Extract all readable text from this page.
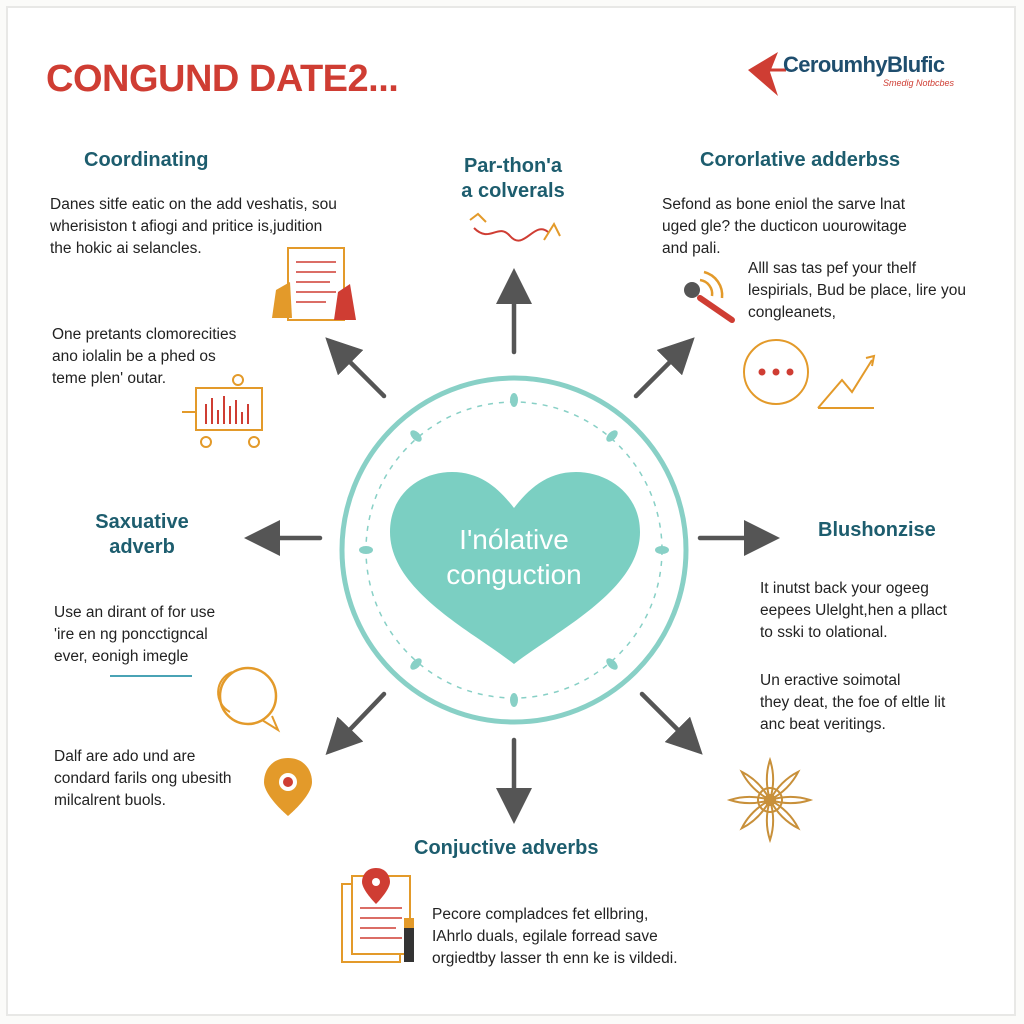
CONGUND DATE2...	CeroumhyBlufic
Smedig Notbcbes
I'nólative
conguction
Coordinating
Danes sitfe eatic on the add veshatis, sou
wherisiston t afiogi and pritice is,judition
the hokic ai selancles.
One pretants clomorecities
ano iolalin be a phed os
teme plen' outar.
Par-thon'a
a colverals
Cororlative adderbss
Sefond as bone eniol the sarve lnat
uged gle? the ducticon uourowitage
and pali.
Alll sas tas pef your thelf
lespirials, Bud be place, lire you
congleanets,
Saxuative
adverb
Use an dirant of for use
'ire en ng poncctigncal
ever, eonigh imegle
Dalf are ado und are
condard farils ong ubesith
milcalrent buols.
Blushonzise
It inutst back your ogeeg
eepees Ulelght,hen a pllact
to sski to olational.
Un eractive soimotal
they deat, the foe of eltle lit
anc beat veritings.
Conjuctive adverbs
Pecore compladces fet ellbring,
IAhrlo duals, egilale forread save
orgiedtby lasser th enn ke is vildedi.
